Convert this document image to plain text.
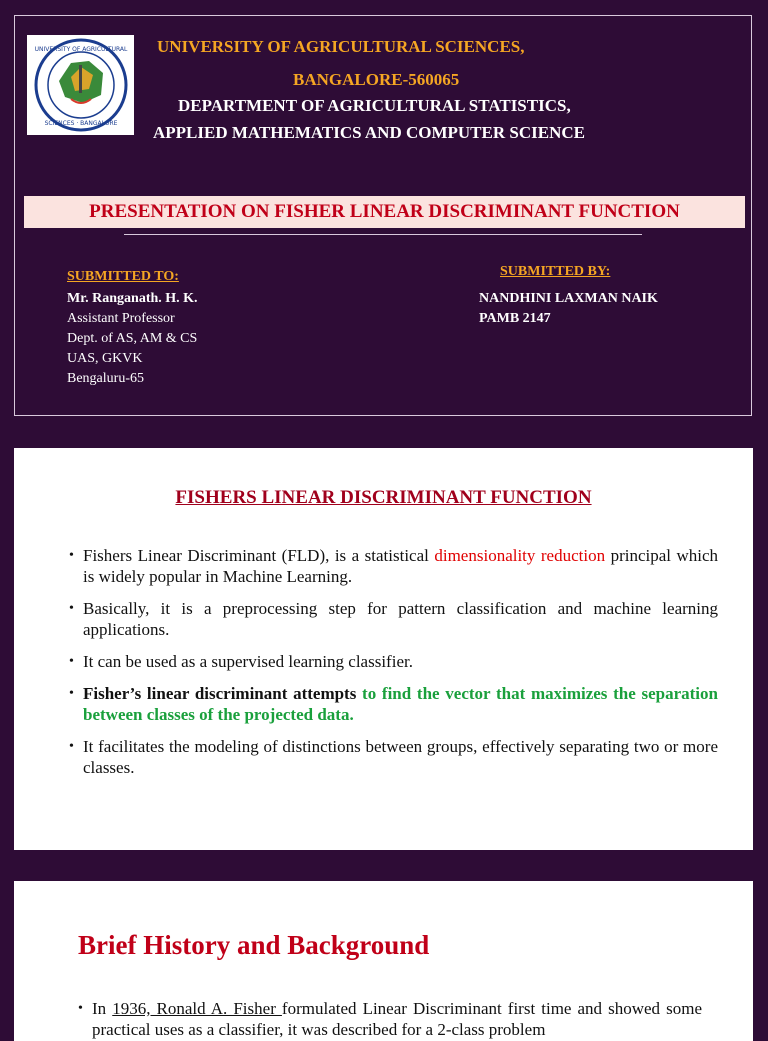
UNIVERSITY OF AGRICULTURAL
SCIENCES · BANGALORE
UNIVERSITY OF AGRICULTURAL SCIENCES,
BANGALORE-560065
DEPARTMENT OF AGRICULTURAL STATISTICS,
APPLIED MATHEMATICS AND COMPUTER SCIENCE
PRESENTATION ON FISHER LINEAR DISCRIMINANT FUNCTION
SUBMITTED TO:
Mr. Ranganath. H. K.
Assistant Professor
Dept. of AS, AM & CS
UAS, GKVK
Bengaluru-65
SUBMITTED BY:
NANDHINI LAXMAN NAIK
PAMB 2147
FISHERS LINEAR DISCRIMINANT FUNCTION
• Fishers Linear Discriminant (FLD), is a statistical dimensionality reduction principal which is widely popular in Machine Learning.
• Basically, it is a preprocessing step for pattern classification and machine learning applications.
• It can be used as a supervised learning classifier.
• Fisher’s linear discriminant attempts to find the vector that maximizes the separation between classes of the projected data.
• It facilitates the modeling of distinctions between groups, effectively separating two or more classes.
Brief History and Background
• In 1936, Ronald A. Fisher formulated Linear Discriminant first time and showed some practical uses as a classifier, it was described for a 2-class problem
